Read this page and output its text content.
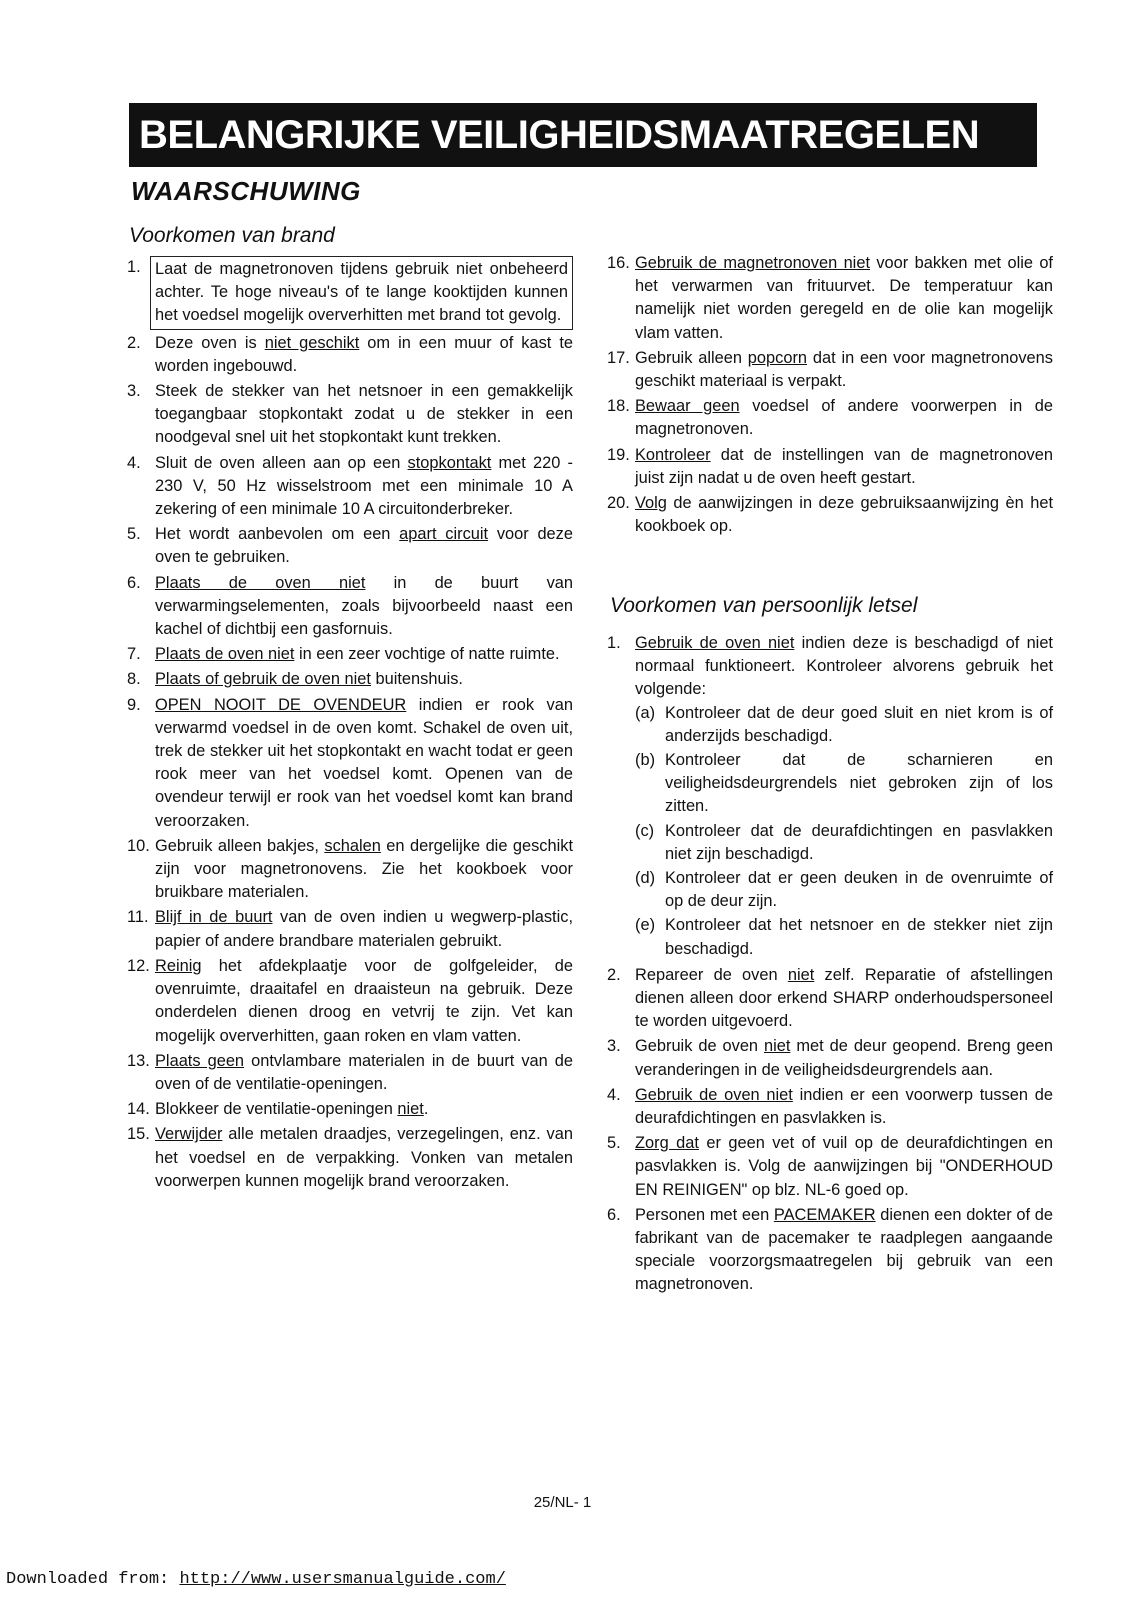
BELANGRIJKE VEILIGHEIDSMAATREGELEN
WAARSCHUWING
Voorkomen van brand
1. Laat de magnetronoven tijdens gebruik niet onbeheerd achter. Te hoge niveau's of te lange kooktijden kunnen het voedsel mogelijk oververhitten met brand tot gevolg.
2. Deze oven is niet geschikt om in een muur of kast te worden ingebouwd.
3. Steek de stekker van het netsnoer in een gemakkelijk toegangbaar stopkontakt zodat u de stekker in een noodgeval snel uit het stopkontakt kunt trekken.
4. Sluit de oven alleen aan op een stopkontakt met 220 - 230 V, 50 Hz wisselstroom met een minimale 10 A zekering of een minimale 10 A circuitonderbreker.
5. Het wordt aanbevolen om een apart circuit voor deze oven te gebruiken.
6. Plaats de oven niet in de buurt van verwarmingselementen, zoals bijvoorbeeld naast een kachel of dichtbij een gasfornuis.
7. Plaats de oven niet in een zeer vochtige of natte ruimte.
8. Plaats of gebruik de oven niet buitenshuis.
9. OPEN NOOIT DE OVENDEUR indien er rook van verwarmd voedsel in de oven komt. Schakel de oven uit, trek de stekker uit het stopkontakt en wacht todat er geen rook meer van het voedsel komt. Openen van de ovendeur terwijl er rook van het voedsel komt kan brand veroorzaken.
10. Gebruik alleen bakjes, schalen en dergelijke die geschikt zijn voor magnetronovens. Zie het kookboek voor bruikbare materialen.
11. Blijf in de buurt van de oven indien u wegwerp-plastic, papier of andere brandbare materialen gebruikt.
12. Reinig het afdekplaatje voor de golfgeleider, de ovenruimte, draaitafel en draaisteun na gebruik. Deze onderdelen dienen droog en vetvrij te zijn. Vet kan mogelijk oververhitten, gaan roken en vlam vatten.
13. Plaats geen ontvlambare materialen in de buurt van de oven of de ventilatie-openingen.
14. Blokkeer de ventilatie-openingen niet.
15. Verwijder alle metalen draadjes, verzegelingen, enz. van het voedsel en de verpakking. Vonken van metalen voorwerpen kunnen mogelijk brand veroorzaken.
16. Gebruik de magnetronoven niet voor bakken met olie of het verwarmen van frituurvet. De temperatuur kan namelijk niet worden geregeld en de olie kan mogelijk vlam vatten.
17. Gebruik alleen popcorn dat in een voor magnetronovens geschikt materiaal is verpakt.
18. Bewaar geen voedsel of andere voorwerpen in de magnetronoven.
19. Kontroleer dat de instellingen van de magnetronoven juist zijn nadat u de oven heeft gestart.
20. Volg de aanwijzingen in deze gebruiksaanwijzing èn het kookboek op.
Voorkomen van persoonlijk letsel
1. Gebruik de oven niet indien deze is beschadigd of niet normaal funktioneert. Kontroleer alvorens gebruik het volgende:
(a) Kontroleer dat de deur goed sluit en niet krom is of anderzijds beschadigd.
(b) Kontroleer dat de scharnieren en veiligheidsdeurgrendels niet gebroken zijn of los zitten.
(c) Kontroleer dat de deurafdichtingen en pasvlakken niet zijn beschadigd.
(d) Kontroleer dat er geen deuken in de ovenruimte of op de deur zijn.
(e) Kontroleer dat het netsnoer en de stekker niet zijn beschadigd.
2. Repareer de oven niet zelf. Reparatie of afstellingen dienen alleen door erkend SHARP onderhoudspersoneel te worden uitgevoerd.
3. Gebruik de oven niet met de deur geopend. Breng geen veranderingen in de veiligheidsdeurgrendels aan.
4. Gebruik de oven niet indien er een voorwerp tussen de deurafdichtingen en pasvlakken is.
5. Zorg dat er geen vet of vuil op de deurafdichtingen en pasvlakken is. Volg de aanwijzingen bij "ONDERHOUD EN REINIGEN" op blz. NL-6 goed op.
6. Personen met een PACEMAKER dienen een dokter of de fabrikant van de pacemaker te raadplegen aangaande speciale voorzorgsmaatregelen bij gebruik van een magnetronoven.
25/NL- 1
Downloaded from: http://www.usersmanualguide.com/
